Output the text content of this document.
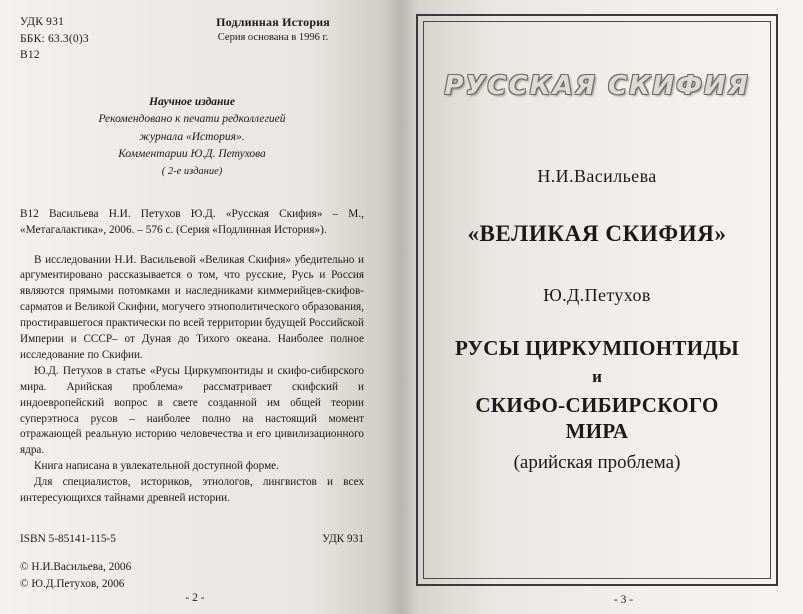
УДК 931
ББК: 63.3(0)3
В12
Подлинная История
Серия основана в 1996 г.
Научное издание
Рекомендовано к печати редколлегией
журнала «История».
Комментарии Ю.Д. Петухова
( 2-е издание)
В12 Васильева Н.И. Петухов Ю.Д. «Русская Скифия» – М., «Метагалактика», 2006. – 576 с. (Серия «Подлинная История»).

В исследовании Н.И. Васильевой «Великая Скифия» убедительно и аргументировано рассказывается о том, что русские, Русь и Россия являются прямыми потомками и наследниками киммерийцев-скифов-сарматов и Великой Скифии, могучего этнополитического образования, простиравшегося практически по всей территории будущей Российской Империи и СССР– от Дуная до Тихого океана. Наиболее полное исследование по Скифии.

Ю.Д. Петухов в статье «Русы Циркумпонтиды и скифо-сибирского мира. Арийская проблема» рассматривает скифский и индоевропейский вопрос в свете созданной им общей теории суперэтноса русов – наиболее полно на настоящий момент отражающей реальную историю человечества и его цивилизационного ядра.

Книга написана в увлекательной доступной форме.

Для специалистов, историков, этнологов, лингвистов и всех интересующихся тайнами древней истории.

ISBN 5-85141-115-5	УДК 931
© Н.И.Васильева, 2006
© Ю.Д.Петухов, 2006
- 2 -
РУССКАЯ СКИФИЯ
Н.И.Васильева
«ВЕЛИКАЯ СКИФИЯ»
Ю.Д.Петухов
РУСЫ ЦИРКУМПОНТИДЫ
и
СКИФО-СИБИРСКОГО МИРА
(арийская проблема)
- 3 -
